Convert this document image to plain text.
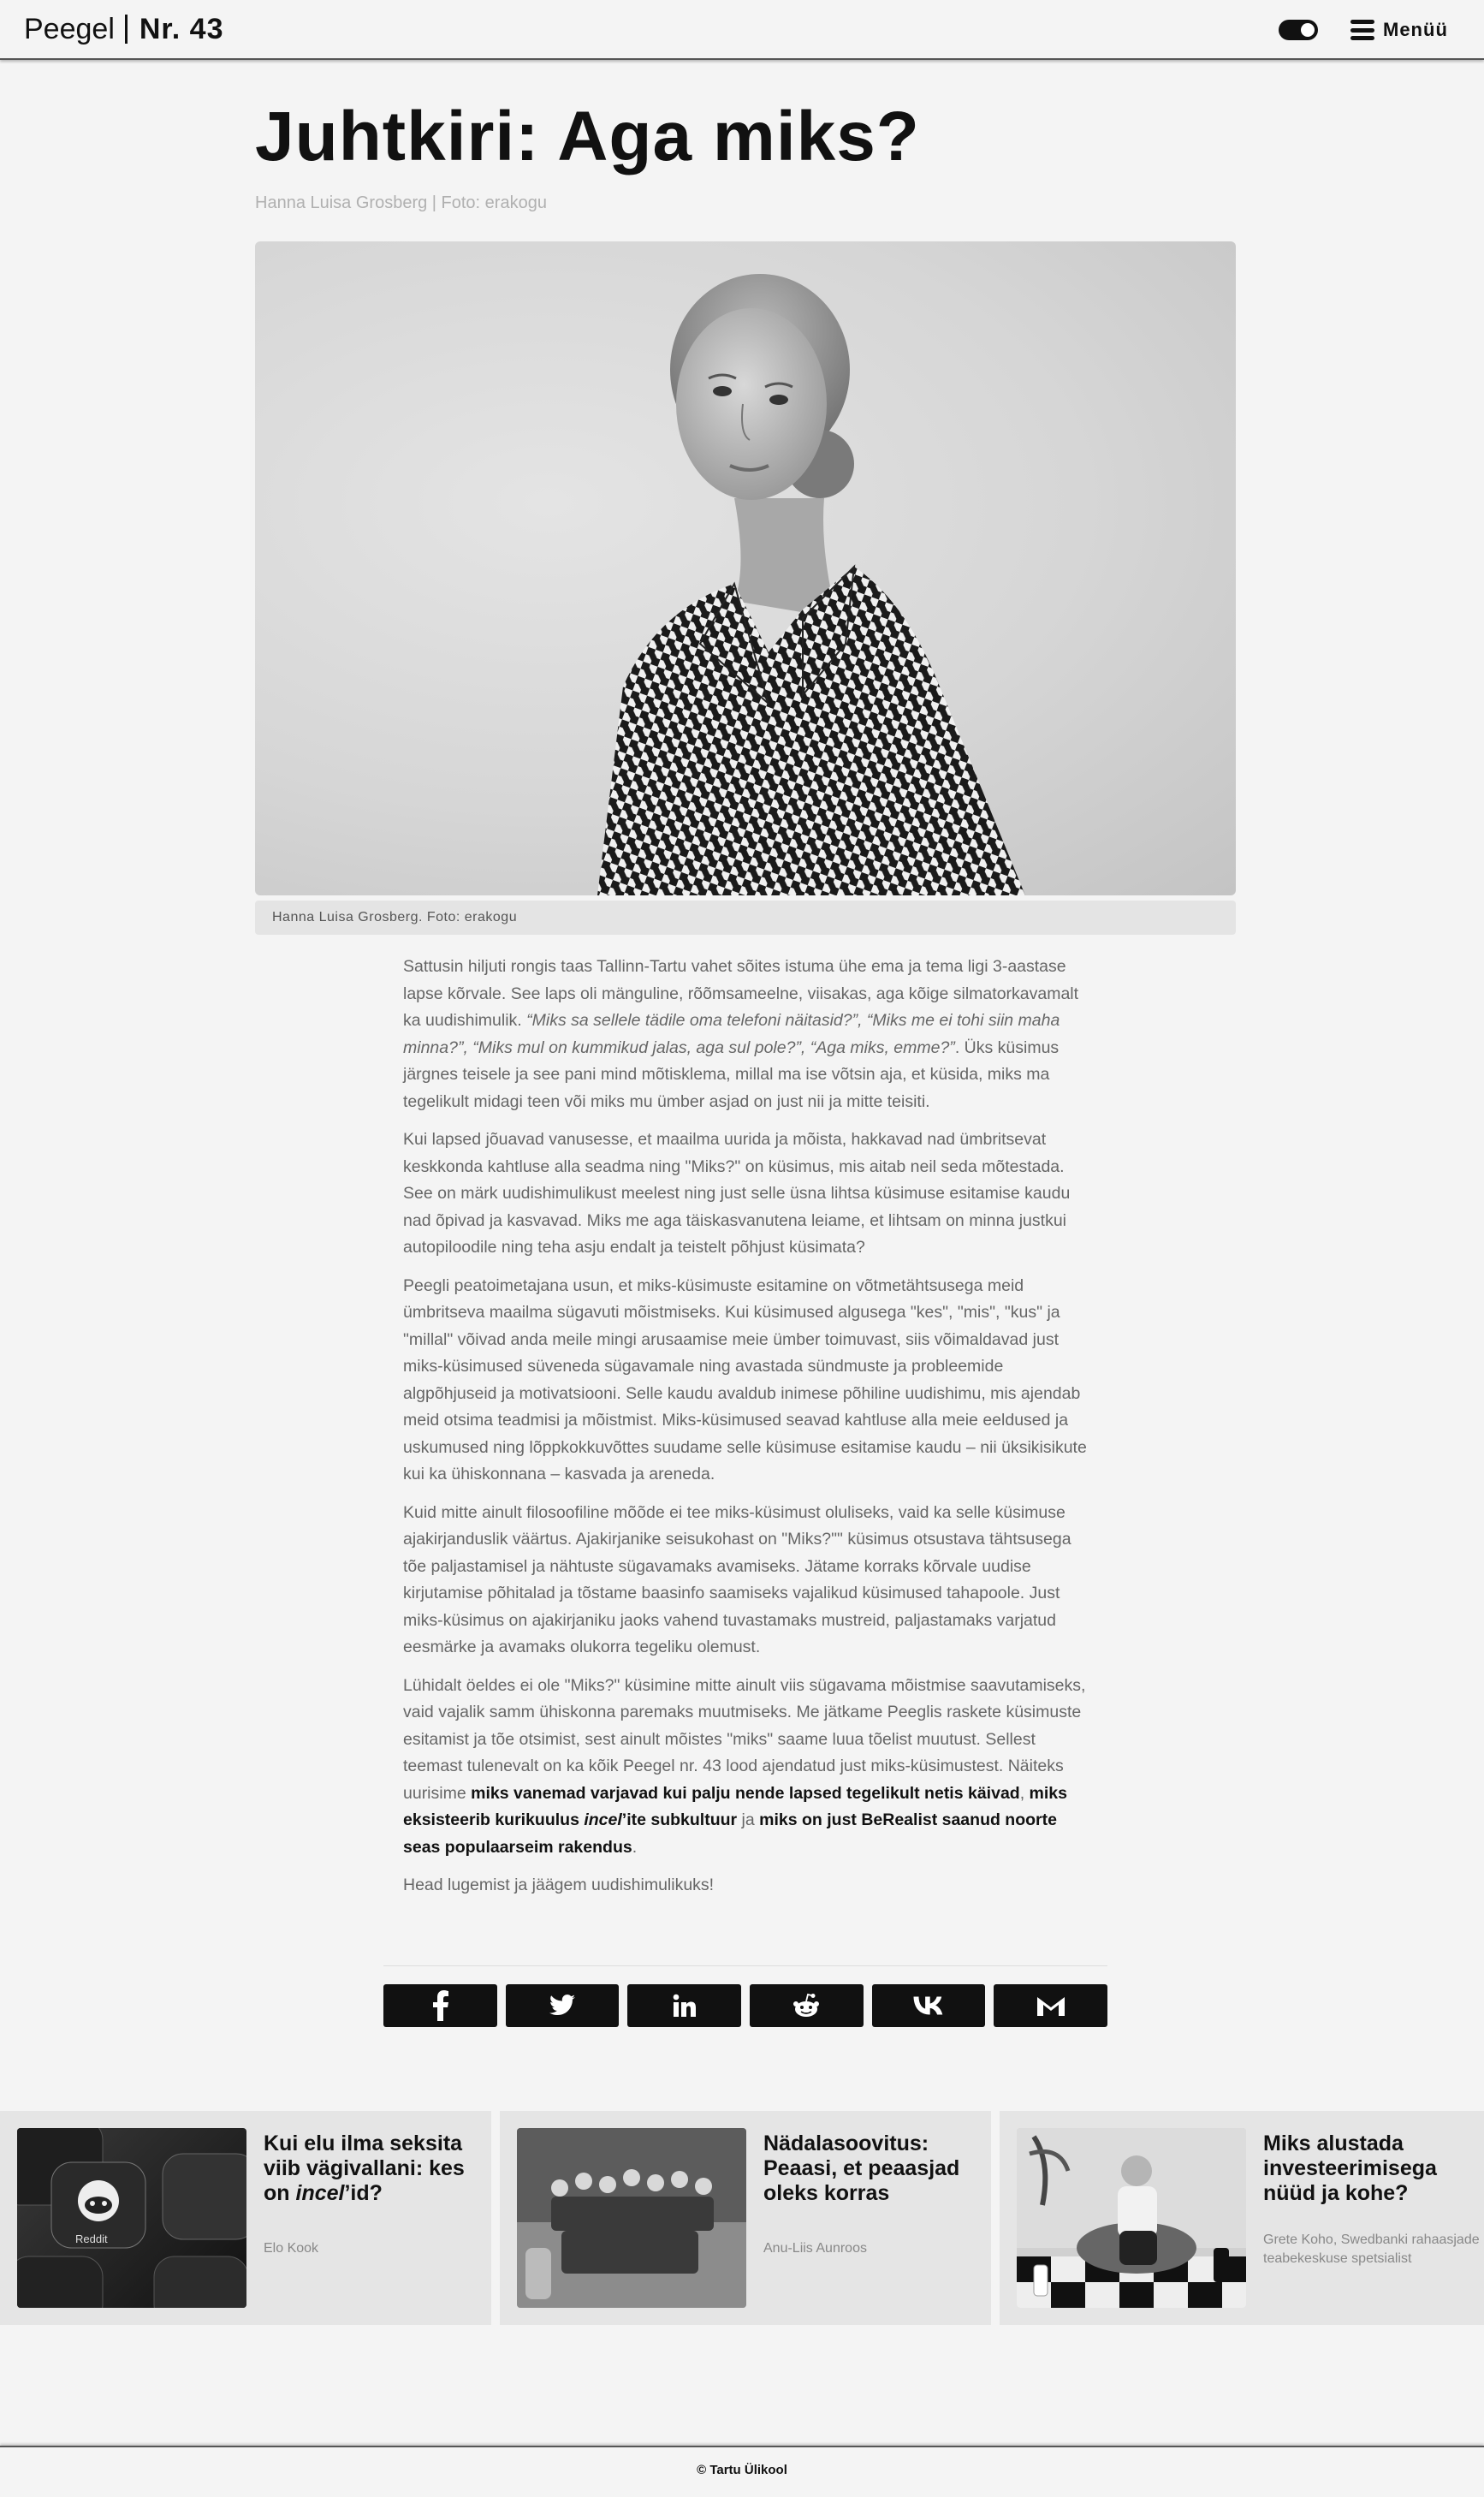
Peegel Nr. 43	Menüü
Juhtkiri: Aga miks?
Hanna Luisa Grosberg | Foto: erakogu
Hanna Luisa Grosberg. Foto: erakogu

Sattusin hiljuti rongis taas Tallinn-Tartu vahet sõites istuma ühe ema ja tema ligi 3-aastase lapse kõrvale. See laps oli mänguline, rõõmsameelne, viisakas, aga kõige silmatorkavamalt ka uudishimulik. “Miks sa sellele tädile oma telefoni näitasid?”, “Miks me ei tohi siin maha minna?”, “Miks mul on kummikud jalas, aga sul pole?”, “Aga miks, emme?”. Üks küsimus järgnes teisele ja see pani mind mõtisklema, millal ma ise võtsin aja, et küsida, miks ma tegelikult midagi teen või miks mu ümber asjad on just nii ja mitte teisiti.

Kui lapsed jõuavad vanusesse, et maailma uurida ja mõista, hakkavad nad ümbritsevat keskkonda kahtluse alla seadma ning "Miks?" on küsimus, mis aitab neil seda mõtestada. See on märk uudishimulikust meelest ning just selle üsna lihtsa küsimuse esitamise kaudu nad õpivad ja kasvavad. Miks me aga täiskasvanutena leiame, et lihtsam on minna justkui autopiloodile ning teha asju endalt ja teistelt põhjust küsimata?

Peegli peatoimetajana usun, et miks-küsimuste esitamine on võtmetähtsusega meid ümbritseva maailma sügavuti mõistmiseks. Kui küsimused algusega "kes", "mis", "kus" ja "millal" võivad anda meile mingi arusaamise meie ümber toimuvast, siis võimaldavad just miks-küsimused süveneda sügavamale ning avastada sündmuste ja probleemide algpõhjuseid ja motivatsiooni. Selle kaudu avaldub inimese põhiline uudishimu, mis ajendab meid otsima teadmisi ja mõistmist. Miks-küsimused seavad kahtluse alla meie eeldused ja uskumused ning lõppkokkuvõttes suudame selle küsimuse esitamise kaudu – nii üksikisikute kui ka ühiskonnana – kasvada ja areneda.

Kuid mitte ainult filosoofiline mõõde ei tee miks-küsimust oluliseks, vaid ka selle küsimuse ajakirjanduslik väärtus. Ajakirjanike seisukohast on "Miks?"" küsimus otsustava tähtsusega tõe paljastamisel ja nähtuste sügavamaks avamiseks. Jätame korraks kõrvale uudise kirjutamise põhitalad ja tõstame baasinfo saamiseks vajalikud küsimused tahapoole. Just miks-küsimus on ajakirjaniku jaoks vahend tuvastamaks mustreid, paljastamaks varjatud eesmärke ja avamaks olukorra tegeliku olemust.

Lühidalt öeldes ei ole "Miks?" küsimine mitte ainult viis sügavama mõistmise saavutamiseks, vaid vajalik samm ühiskonna paremaks muutmiseks. Me jätkame Peeglis raskete küsimuste esitamist ja tõe otsimist, sest ainult mõistes "miks" saame luua tõelist muutust. Sellest teemast tulenevalt on ka kõik Peegel nr. 43 lood ajendatud just miks-küsimustest. Näiteks uurisime miks vanemad varjavad kui palju nende lapsed tegelikult netis käivad, miks eksisteerib kurikuulus incel’ite subkultuur ja miks on just BeRealist saanud noorte seas populaarseim rakendus.

Head lugemist ja jäägem uudishimulikuks!

Reddit
Kui elu ilma seksita viib vägivallani: kes on incel’id?
Elo Kook
Nädalasoovitus: Peaasi, et peaasjad oleks korras
Anu-Liis Aunroos
Miks alustada investeerimisega nüüd ja kohe?
Grete Koho, Swedbanki rahaasjade teabekeskuse spetsialist
© Tartu Ülikool
